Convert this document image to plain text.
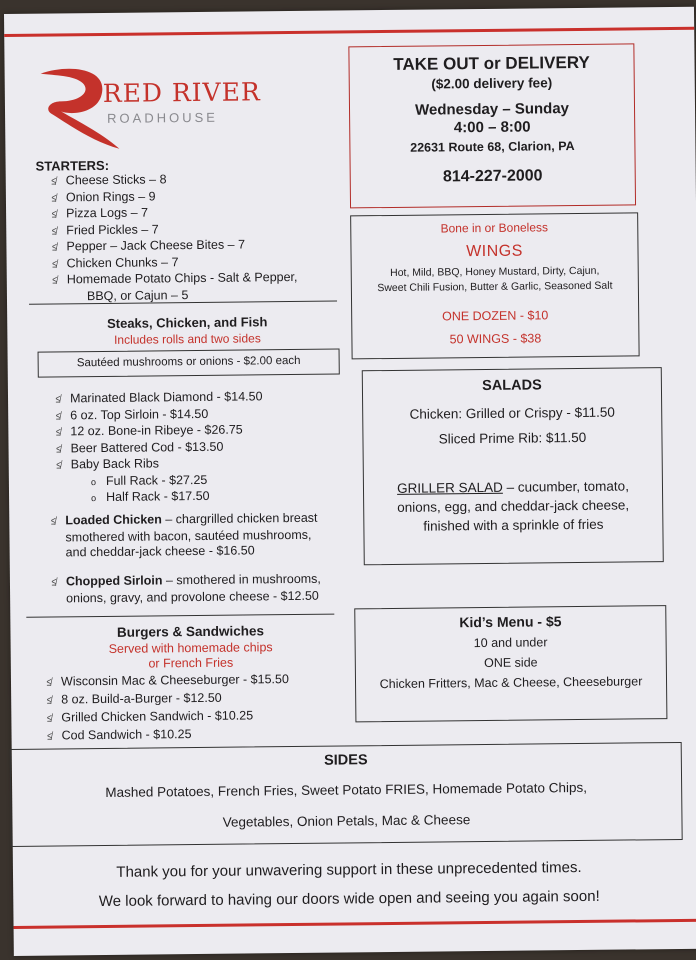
RED RIVER
ROADHOUSE
STARTERS:
≰ Cheese Sticks – 8
≰ Onion Rings – 9
≰ Pizza Logs – 7
≰ Fried Pickles – 7
≰ Pepper – Jack Cheese Bites – 7
≰ Chicken Chunks – 7
≰ Homemade Potato Chips - Salt & Pepper,
BBQ, or Cajun – 5
TAKE OUT or DELIVERY
($2.00 delivery fee)
Wednesday – Sunday
4:00 – 8:00
22631 Route 68, Clarion, PA
814-227-2000
Bone in or Boneless
WINGS
Hot, Mild, BBQ, Honey Mustard, Dirty, Cajun,
Sweet Chili Fusion, Butter & Garlic, Seasoned Salt
ONE DOZEN - $10
50 WINGS - $38
Steaks, Chicken, and Fish
Includes rolls and two sides
Sautéed mushrooms or onions - $2.00 each
≰ Marinated Black Diamond - $14.50
≰ 6 oz. Top Sirloin - $14.50
≰ 12 oz. Bone-in Ribeye - $26.75
≰ Beer Battered Cod - $13.50
≰ Baby Back Ribs
o Full Rack - $27.25
o Half Rack - $17.50
≰ Loaded Chicken – chargrilled chicken breast
smothered with bacon, sautéed mushrooms,
and cheddar-jack cheese - $16.50
≰ Chopped Sirloin – smothered in mushrooms,
onions, gravy, and provolone cheese - $12.50
SALADS
Chicken: Grilled or Crispy - $11.50
Sliced Prime Rib: $11.50
GRILLER SALAD – cucumber, tomato,
onions, egg, and cheddar-jack cheese,
finished with a sprinkle of fries
Burgers & Sandwiches
Served with homemade chips
or French Fries
≰ Wisconsin Mac & Cheeseburger - $15.50
≰ 8 oz. Build-a-Burger - $12.50
≰ Grilled Chicken Sandwich - $10.25
≰ Cod Sandwich - $10.25
Kid’s Menu - $5
10 and under
ONE side
Chicken Fritters, Mac & Cheese, Cheeseburger
SIDES
Mashed Potatoes, French Fries, Sweet Potato FRIES, Homemade Potato Chips,
Vegetables, Onion Petals, Mac & Cheese
Thank you for your unwavering support in these unprecedented times.
We look forward to having our doors wide open and seeing you again soon!
